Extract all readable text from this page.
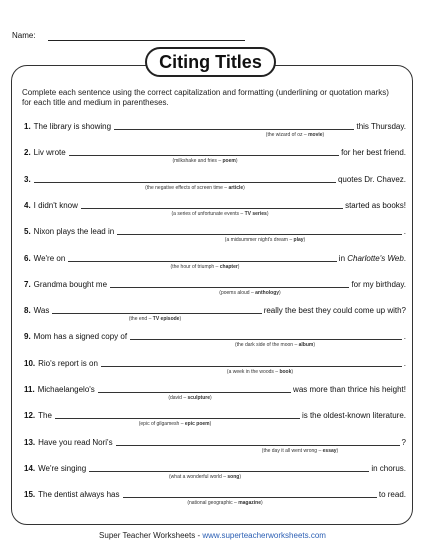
Name:
Citing Titles
Complete each sentence using the correct capitalization and formatting (underlining or quotation marks) for each title and medium in parentheses.
1. The library is showing	this Thursday.
(the wizard of oz – movie)
2. Liv wrote	for her best friend.
(milkshake and fries – poem)
3.	quotes Dr. Chavez.
(the negative effects of screen time – article)
4. I didn't know	started as books!
(a series of unfortunate events – TV series)
5. Nixon plays the lead in	.
(a midsummer night's dream – play)
6. We're on	in Charlotte's Web.
(the hour of triumph – chapter)
7. Grandma bought me	for my birthday.
(poems aloud – anthology)
8. Was	really the best they could come up with?
(the end – TV episode)
9. Mom has a signed copy of	.
(the dark side of the moon – album)
10. Rio's report is on	.
(a week in the woods – book)
11. Michaelangelo's	was more than thrice his height!
(david – sculpture)
12. The	is the oldest-known literature.
(epic of gilgamesh – epic poem)
13. Have you read Nori's	?
(the day it all went wrong – essay)
14. We're singing	in chorus.
(what a wonderful world – song)
15. The dentist always has	to read.
(national geographic – magazine)
Super Teacher Worksheets - www.superteacherworksheets.com
